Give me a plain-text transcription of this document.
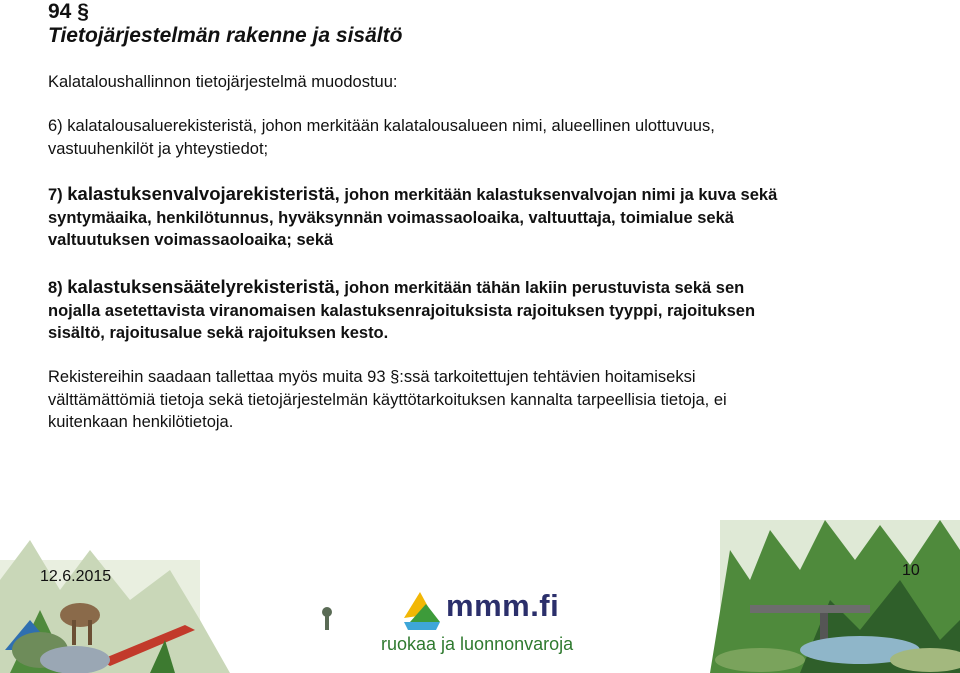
94 §
Tietojärjestelmän rakenne ja sisältö
Kalataloushallinnon tietojärjestelmä muodostuu:
6) kalatalousaluerekisteristä, johon merkitään kalatalousalueen nimi, alueellinen ulottuvuus,
vastuuhenkilöt ja yhteystiedot;
7) kalastuksenvalvojarekisteristä, johon merkitään kalastuksenvalvojan nimi ja kuva sekä
syntymäaika, henkilötunnus, hyväksynnän voimassaoloaika, valtuuttaja, toimialue sekä
valtuutuksen voimassaoloaika; sekä
8) kalastuksensäätelyrekisteristä, johon merkitään tähän lakiin perustuvista sekä sen
nojalla asetettavista viranomaisen kalastuksenrajoituksista rajoituksen tyyppi, rajoituksen
sisältö, rajoitusalue sekä rajoituksen kesto.
Rekistereihin saadaan tallettaa myös muita 93 §:ssä tarkoitettujen tehtävien hoitamiseksi
välttämättömiä tietoja sekä tietojärjestelmän käyttötarkoituksen kannalta tarpeellisia tietoja, ei
kuitenkaan henkilötietoja.
mmm.fi
ruokaa ja luonnonvaroja
12.6.2015	10
